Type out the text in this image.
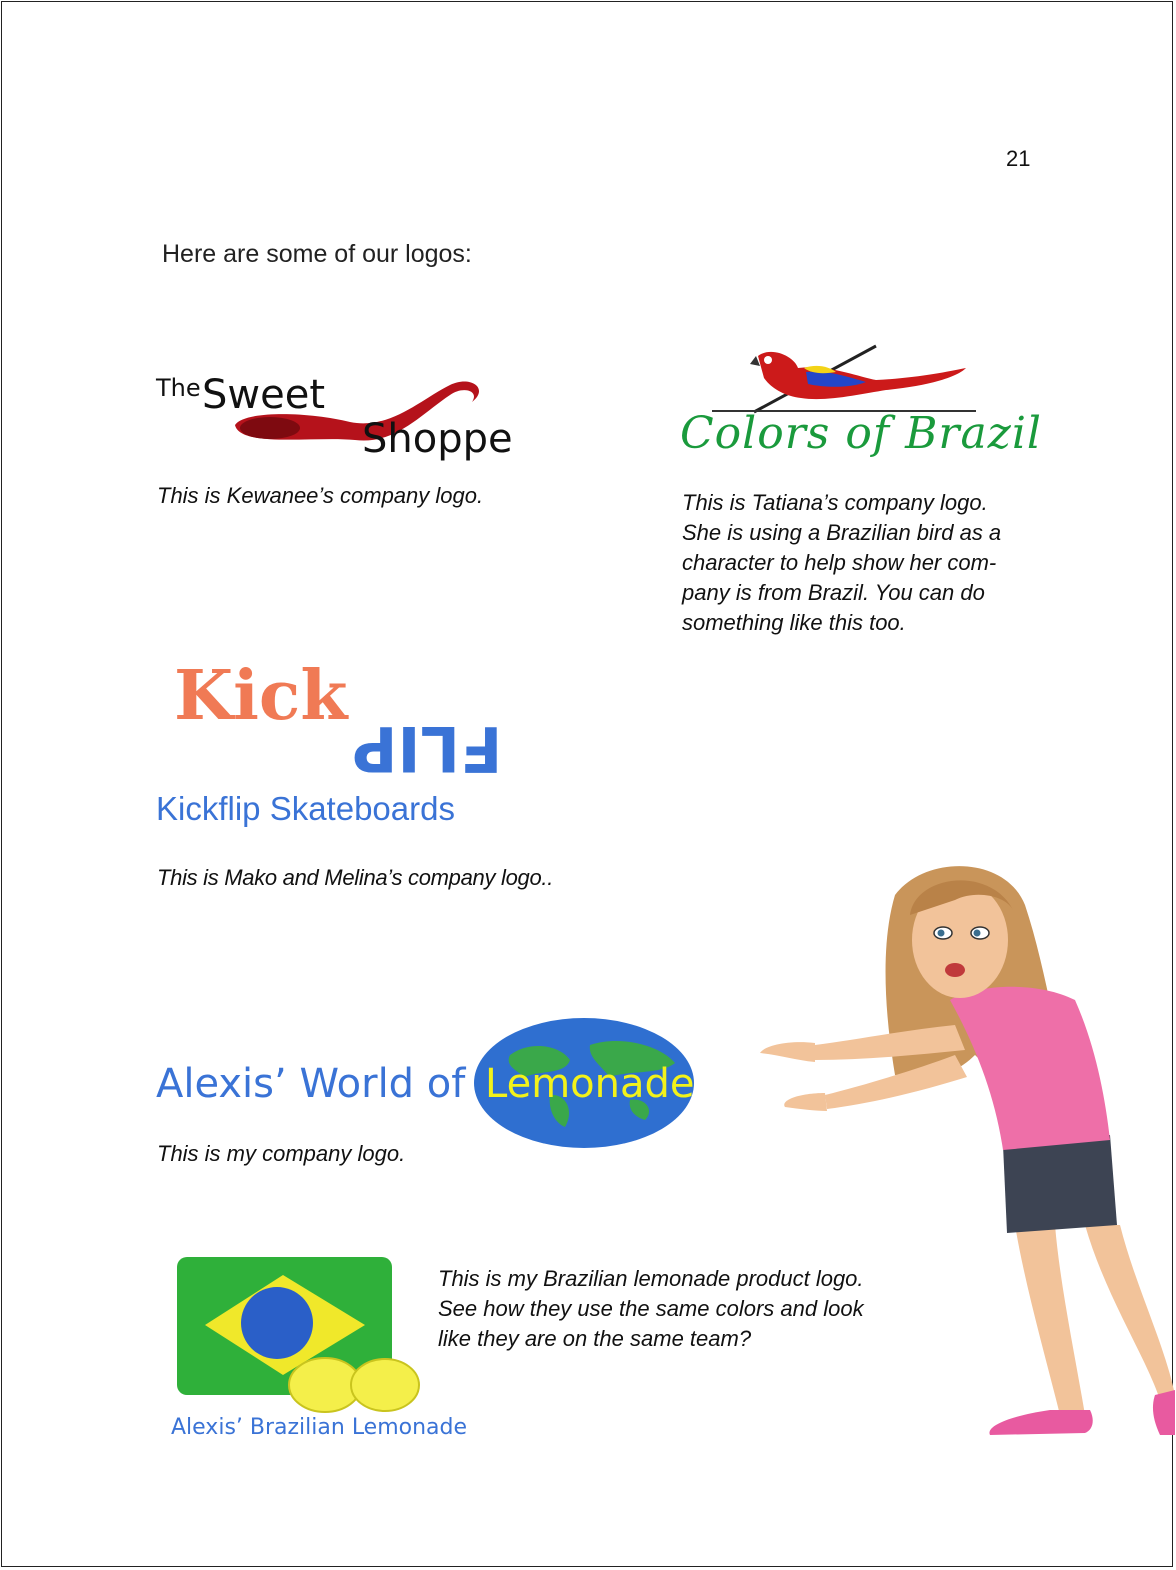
21
Here are some of our logos:
The Sweet
Shoppe
This is Kewanee’s company logo.
Colors of Brazil
This is Tatiana’s company logo.
She is using a Brazilian bird as a
character to help show her com-
pany is from Brazil. You can do
something like this too.
Kick
FLIP
Kickflip Skateboards
This is Mako and Melina’s company logo..
Alexis’ World of Lemonade
This is my company logo.
Alexis’ Brazilian Lemonade
This is my Brazilian lemonade product logo.
See how they use the same colors and look
like they are on the same team?
